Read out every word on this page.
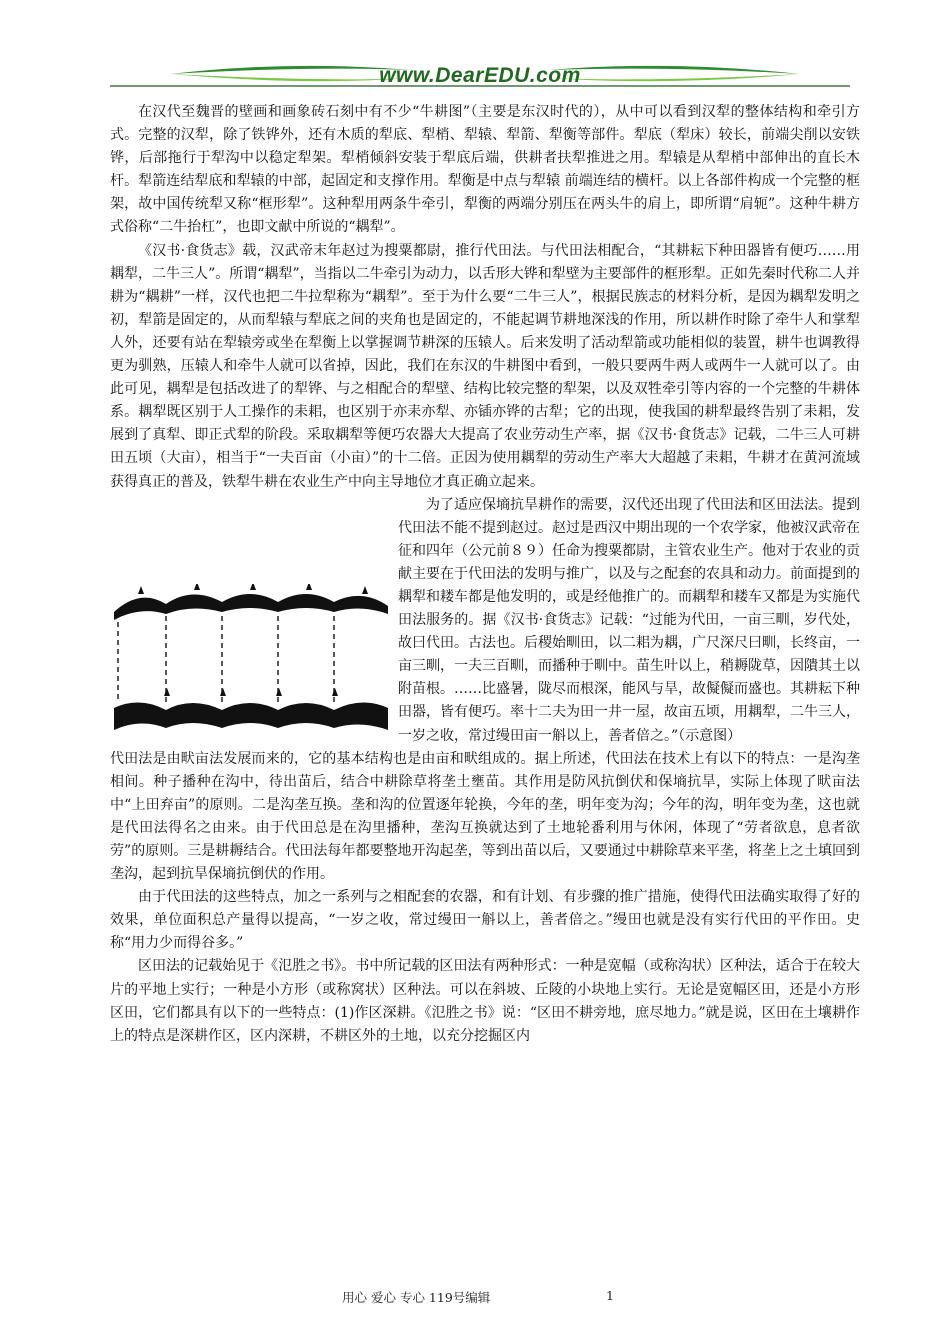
www.DearEDU.com

在汉代至魏晋的壁画和画象砖石刻中有不少“牛耕图”（主要是东汉时代的），从中可以看到汉犁的整体结构和牵引方式。完整的汉犁，除了铁铧外，还有木质的犁底、犁梢、犁辕、犁箭、犁衡等部件。犁底（犁床）较长，前端尖削以安铁铧，后部拖行于犁沟中以稳定犁架。犁梢倾斜安装于犁底后端，供耕者扶犁推进之用。犁辕是从犁梢中部伸出的直长木杆。犁箭连结犁底和犁辕的中部，起固定和支撑作用。犁衡是中点与犁辕 前端连结的横杆。以上各部件构成一个完整的框架，故中国传统犁又称“框形犁”。这种犁用两条牛牵引，犁衡的两端分别压在两头牛的肩上，即所谓“肩轭”。这种牛耕方式俗称“二牛抬杠”，也即文献中所说的“耦犁”。

《汉书·食货志》载，汉武帝末年赵过为搜粟都尉，推行代田法。与代田法相配合，“其耕耘下种田器皆有便巧……用耦犁，二牛三人”。所谓“耦犁”，当指以二牛牵引为动力，以舌形大铧和犁壁为主要部件的框形犁。正如先秦时代称二人并耕为“耦耕”一样，汉代也把二牛拉犁称为“耦犁”。至于为什么要“二牛三人”，根据民族志的材料分析，是因为耦犁发明之初，犁箭是固定的，从而犁辕与犁底之间的夹角也是固定的，不能起调节耕地深浅的作用，所以耕作时除了牵牛人和掌犁人外，还要有站在犁辕旁或坐在犁衡上以掌握调节耕深的压辕人。后来发明了活动犁箭或功能相似的装置，耕牛也调教得更为驯熟，压辕人和牵牛人就可以省掉，因此，我们在东汉的牛耕图中看到，一般只要两牛两人或两牛一人就可以了。由此可见，耦犁是包括改进了的犁铧、与之相配合的犁壁、结构比较完整的犁架，以及双牲牵引等内容的一个完整的牛耕体系。耦犁既区别于人工操作的耒耜，也区别于亦耒亦犁、亦锸亦铧的古犁；它的出现，使我国的耕犁最终告别了耒耜，发展到了真犁、即正式犁的阶段。采取耦犁等便巧农器大大提高了农业劳动生产率，据《汉书·食货志》记载，二牛三人可耕田五顷（大亩），相当于“一夫百亩（小亩）”的十二倍。正因为使用耦犁的劳动生产率大大超越了耒耜，牛耕才在黄河流域获得真正的普及，铁犁牛耕在农业生产中向主导地位才真正确立起来。

为了适应保墒抗旱耕作的需要，汉代还出现了代田法和区田法法。提到代田法不能不提到赵过。赵过是西汉中期出现的一个农学家，他被汉武帝在征和四年（公元前８９）任命为搜粟都尉，主管农业生产。他对于农业的贡献主要在于代田法的发明与推广，以及与之配套的农具和动力。前面提到的耦犁和耧车都是他发明的，或是经他推广的。而耦犁和耧车又都是为实施代田法服务的。据《汉书·食货志》记载：“过能为代田，一亩三甽，岁代处，故曰代田。古法也。后稷始甽田，以二耜为耦，广尺深尺曰甽，长终亩，一亩三甽，一夫三百甽，而播种于甽中。苗生叶以上，稍耨陇草，因隤其土以附苗根。……比盛暑，陇尽而根深，能风与旱，故儗儗而盛也。其耕耘下种田器，皆有便巧。率十二夫为田一井一屋，故亩五顷，用耦犁，二牛三人，一岁之收，常过缦田亩一斛以上，善者倍之。”（示意图）

代田法是由畎亩法发展而来的，它的基本结构也是由亩和畎组成的。据上所述，代田法在技术上有以下的特点：一是沟垄相间。种子播种在沟中，待出苗后，结合中耕除草将垄土壅苗。其作用是防风抗倒伏和保墒抗旱，实际上体现了畎亩法中“上田弃亩”的原则。二是沟垄互换。垄和沟的位置逐年轮换，今年的垄，明年变为沟；今年的沟，明年变为垄，这也就是代田法得名之由来。由于代田总是在沟里播种，垄沟互换就达到了土地轮番利用与休闲，体现了“劳者欲息，息者欲劳”的原则。三是耕耨结合。代田法每年都要整地开沟起垄，等到出苗以后，又要通过中耕除草来平垄，将垄上之土填回到垄沟，起到抗旱保墒抗倒伏的作用。

由于代田法的这些特点，加之一系列与之相配套的农器，和有计划、有步骤的推广措施，使得代田法确实取得了好的效果，单位面积总产量得以提高，“一岁之收，常过缦田一斛以上，善者倍之。”缦田也就是没有实行代田的平作田。史称“用力少而得谷多。”

区田法的记载始见于《氾胜之书》。书中所记载的区田法有两种形式：一种是宽幅（或称沟状）区种法，适合于在较大片的平地上实行；一种是小方形（或称窝状）区种法。可以在斜坡、丘陵的小块地上实行。无论是宽幅区田，还是小方形区田，它们都具有以下的一些特点：(1)作区深耕。《氾胜之书》说：“区田不耕旁地，庶尽地力。”就是说，区田在土壤耕作上的特点是深耕作区，区内深耕，不耕区外的土地，以充分挖掘区内

用心 爱心 专心 119号编辑	1
